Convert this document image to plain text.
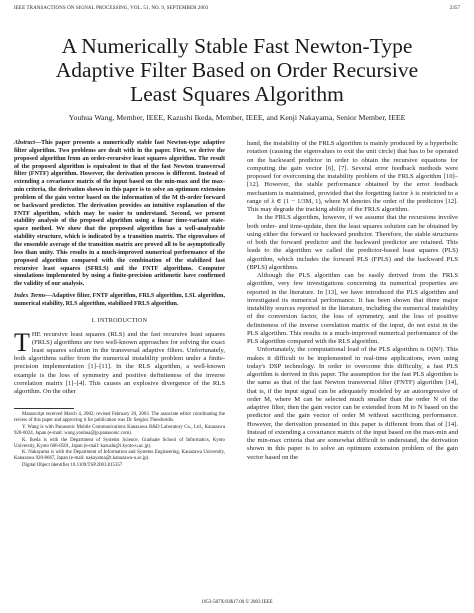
IEEE TRANSACTIONS ON SIGNAL PROCESSING, VOL. 51, NO. 9, SEPTEMBER 2003	2357
A Numerically Stable Fast Newton-Type Adaptive Filter Based on Order Recursive Least Squares Algorithm
Youhua Wang, Member, IEEE, Kazushi Ikeda, Member, IEEE, and Kenji Nakayama, Senior Member, IEEE

Abstract—This paper presents a numerically stable fast Newton-type adaptive filter algorithm. Two problems are dealt with in the paper. First, we derive the proposed algorithm from an order-recursive least squares algorithm. The result of the proposed algorithm is equivalent to that of the fast Newton transversal filter (FNTF) algorithm. However, the derivation process is different. Instead of extending a covariance matrix of the input based on the min-max and the max-min criteria, the derivation shown in this paper is to solve an optimum extension problem of the gain vector based on the information of the M th-order forward or backward predictor. The derivation provides an intuitive explanation of the FNTF algorithm, which may be easier to understand. Second, we present stability analysis of the proposed algorithm using a linear time-variant state-space method. We show that the proposed algorithm has a well-analyzable stability structure, which is indicated by a transition matrix. The eigenvalues of the ensemble average of the transition matrix are proved all to be asymptotically less than unity. This results in a much-improved numerical performance of the proposed algorithm compared with the combination of the stabilized fast recursive least squares (SFRLS) and the FNTF algorithms. Computer simulations implemented by using a finite-precision arithmetic have confirmed the validity of our analysis.

Index Terms—Adaptive filter, FNTF algorithm, FRLS algorithm, LSL algorithm, numerical stability, RLS algorithm, stabilized FRLS algorithm.

I. INTRODUCTION

THE recursive least squares (RLS) and the fast recursive least squares (FRLS) algorithms are two well-known approaches for solving the exact least squares solution in the transversal adaptive filters. Unfortunately, both algorithms suffer from the numerical instability problem under a finite-precision implementation [1]–[11]. In the RLS algorithm, a well-known example is the loss of symmetry and positive definiteness of the inverse correlation matrix [1]–[4]. This causes an explosive divergence of the RLS algorithm. On the other

Manuscript received March 4, 2002; revised February 20, 2003. The associate editor coordinating the review of this paper and approving it for publication was Dr. Sergios Theodoridis.

Y. Wang is with Panasonic Mobile Communications Kanazawa R&D Laboratory Co., Ltd., Kanazawa 920-0024, Japan (e-mail: wang.youhua@jp.panasonic.com).

K. Ikeda is with the Department of Systems Science, Graduate School of Informatics, Kyoto University, Kyoto 606-8501, Japan (e-mail: kazushi@i.kyoto-u.ac.jp).

K. Nakayama is with the Department of Information and Systems Engineering, Kanazawa University, Kanazawa 920-8667, Japan (e-mail: nakayama@t.kanazawa-u.ac.jp).

Digital Object Identifier 10.1109/TSP.2003.815357

hand, the instability of the FRLS algorithm is mainly produced by a hyperbolic rotation (causing the eigenvalues to exit the unit circle) that has to be operated on the backward predictor in order to obtain the recursive equations for computing the gain vector [6], [7]. Several error feedback methods were proposed for overcoming the instability problem of the FRLS algorithm [10]–[12]. However, the stable performance obtained by the error feedback mechanism is maintained, provided that the forgetting factor λ is restricted to a range of λ ∈ (1 − 1/3M, 1), where M denotes the order of the predictors [12]. This may degrade the tracking ability of the FRLS algorithm.

In the FRLS algorithm, however, if we assume that the recursions involve both order- and time-update, then the least squares solution can be obtained by using either the forward or backward predictor. Therefore, the stable structures of both the forward predictor and the backward predictor are retained. This leads to the algorithm we called the predictor-based least squares (PLS) algorithm, which includes the forward PLS (FPLS) and the backward PLS (BPLS) algorithms.

Although the PLS algorithm can be easily derived from the FRLS algorithm, very few investigations concerning its numerical properties are reported in the literature. In [13], we have introduced the PLS algorithm and investigated its numerical performance. It has been shown that three major instability sources reported in the literature, including the numerical instability of the conversion factor, the loss of symmetry, and the loss of positive definiteness of the inverse correlation matrix of the input, do not exist in the PLS algorithm. This results in a much-improved numerical performance of the PLS algorithm compared with the RLS algorithm.

Unfortunately, the computational load of the PLS algorithm is O(N²). This makes it difficult to be implemented in real-time applications, even using today's DSP technology. In order to overcome this difficulty, a fast PLS algorithm is derived in this paper. The assumption for the fast PLS algorithm is the same as that of the fast Newton transversal filter (FNTF) algorithm [14], that is, if the input signal can be adequately modeled by an autoregressive of order M, where M can be selected much smaller than the order N of the adaptive filter, then the gain vector can be extended from M to N based on the predictor and the gain vector of order M without sacrificing performance. However, the derivation presented in this paper is different from that of [14]. Instead of extending a covariance matrix of the input based on the max-min and the min-max criteria that are somewhat difficult to understand, the derivation shown in this paper is to solve an optimum extension problem of the gain vector based on the

1053-587X/03$17.00 © 2003 IEEE
